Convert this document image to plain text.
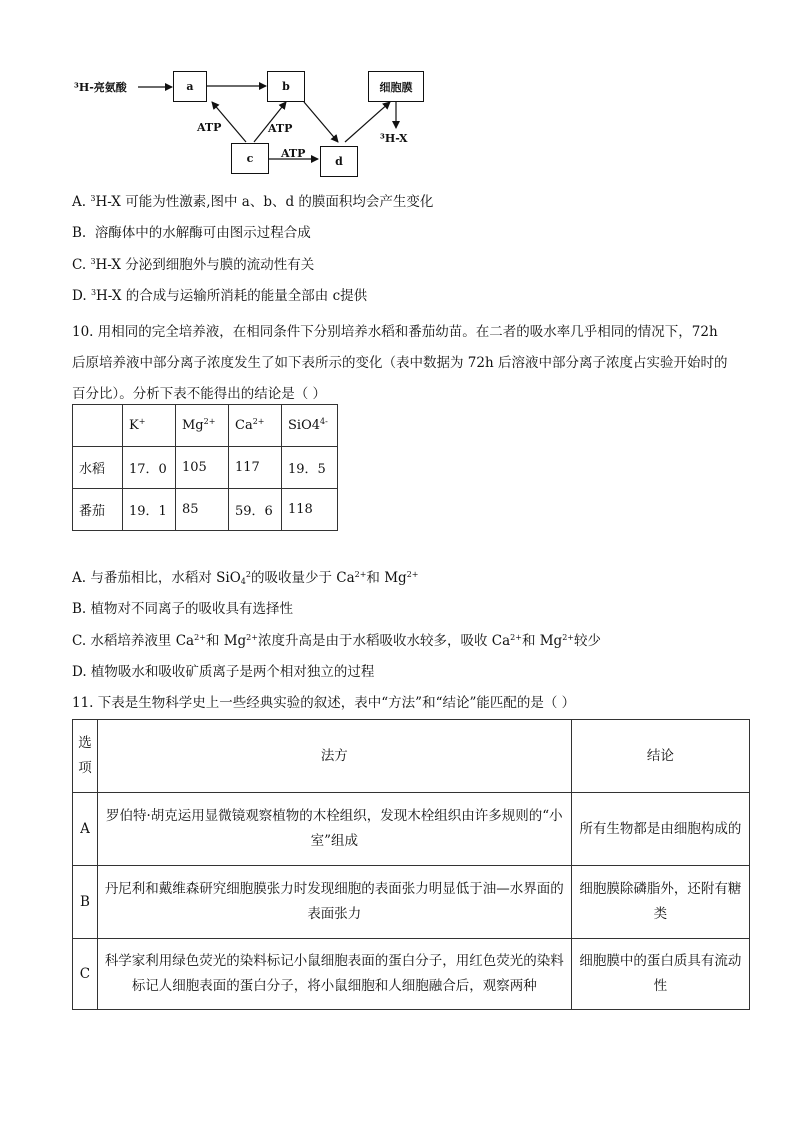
³H-亮氨酸	a	b	细胞膜
c	d
ATP	ATP
ATP
³H-X
A. $^3$H-X 可能为性激素,图中 a、b、d 的膜面积均会产生变化
B. 溶酶体中的水解酶可由图示过程合成
C. $^3$H-X 分泌到细胞外与膜的流动性有关
D. $^3$H-X 的合成与运输所消耗的能量全部由 c提供
10. 用相同的完全培养液，在相同条件下分别培养水稻和番茄幼苗。在二者的吸水率几乎相同的情况下，72h 后原培养液中部分离子浓度发生了如下表所示的变化（表中数据为 72h 后溶液中部分离子浓度占实验开始时的百分比）。分析下表不能得出的结论是（ ）
	K+	$Mg^{2+}$	$Ca^{2+}$	$SiO4^{4-}$
水稻	17．0	105	117	19．5
番茄	19．1	85	59．6	118
A. 与番茄相比，水稻对 SiO$_4^2$的吸收量少于 $Ca^{2+}$和 $Mg^{2+}$
B. 植物对不同离子的吸收具有选择性
C. 水稻培养液里 $Ca^{2+}$和 $Mg^{2+}$浓度升高是由于水稻吸收水较多，吸收 $Ca^{2+}$和 $Mg^{2+}$较少
D. 植物吸水和吸收矿质离子是两个相对独立的过程
11. 下表是生物科学史上一些经典实验的叙述，表中“方法”和“结论”能匹配的是（ ）
选
项	法方	结论
A	罗伯特·胡克运用显微镜观察植物的木栓组织，发现木栓组织由许多规则的“小室”组成	所有生物都是由细胞构成的
B	丹尼利和戴维森研究细胞膜张力时发现细胞的表面张力明显低于油—水界面的表面张力	细胞膜除磷脂外，还附有糖类
C	科学家利用绿色荧光的染料标记小鼠细胞表面的蛋白分子，用红色荧光的染料标记人细胞表面的蛋白分子，将小鼠细胞和人细胞融合后，观察两种	细胞膜中的蛋白质具有流动性
